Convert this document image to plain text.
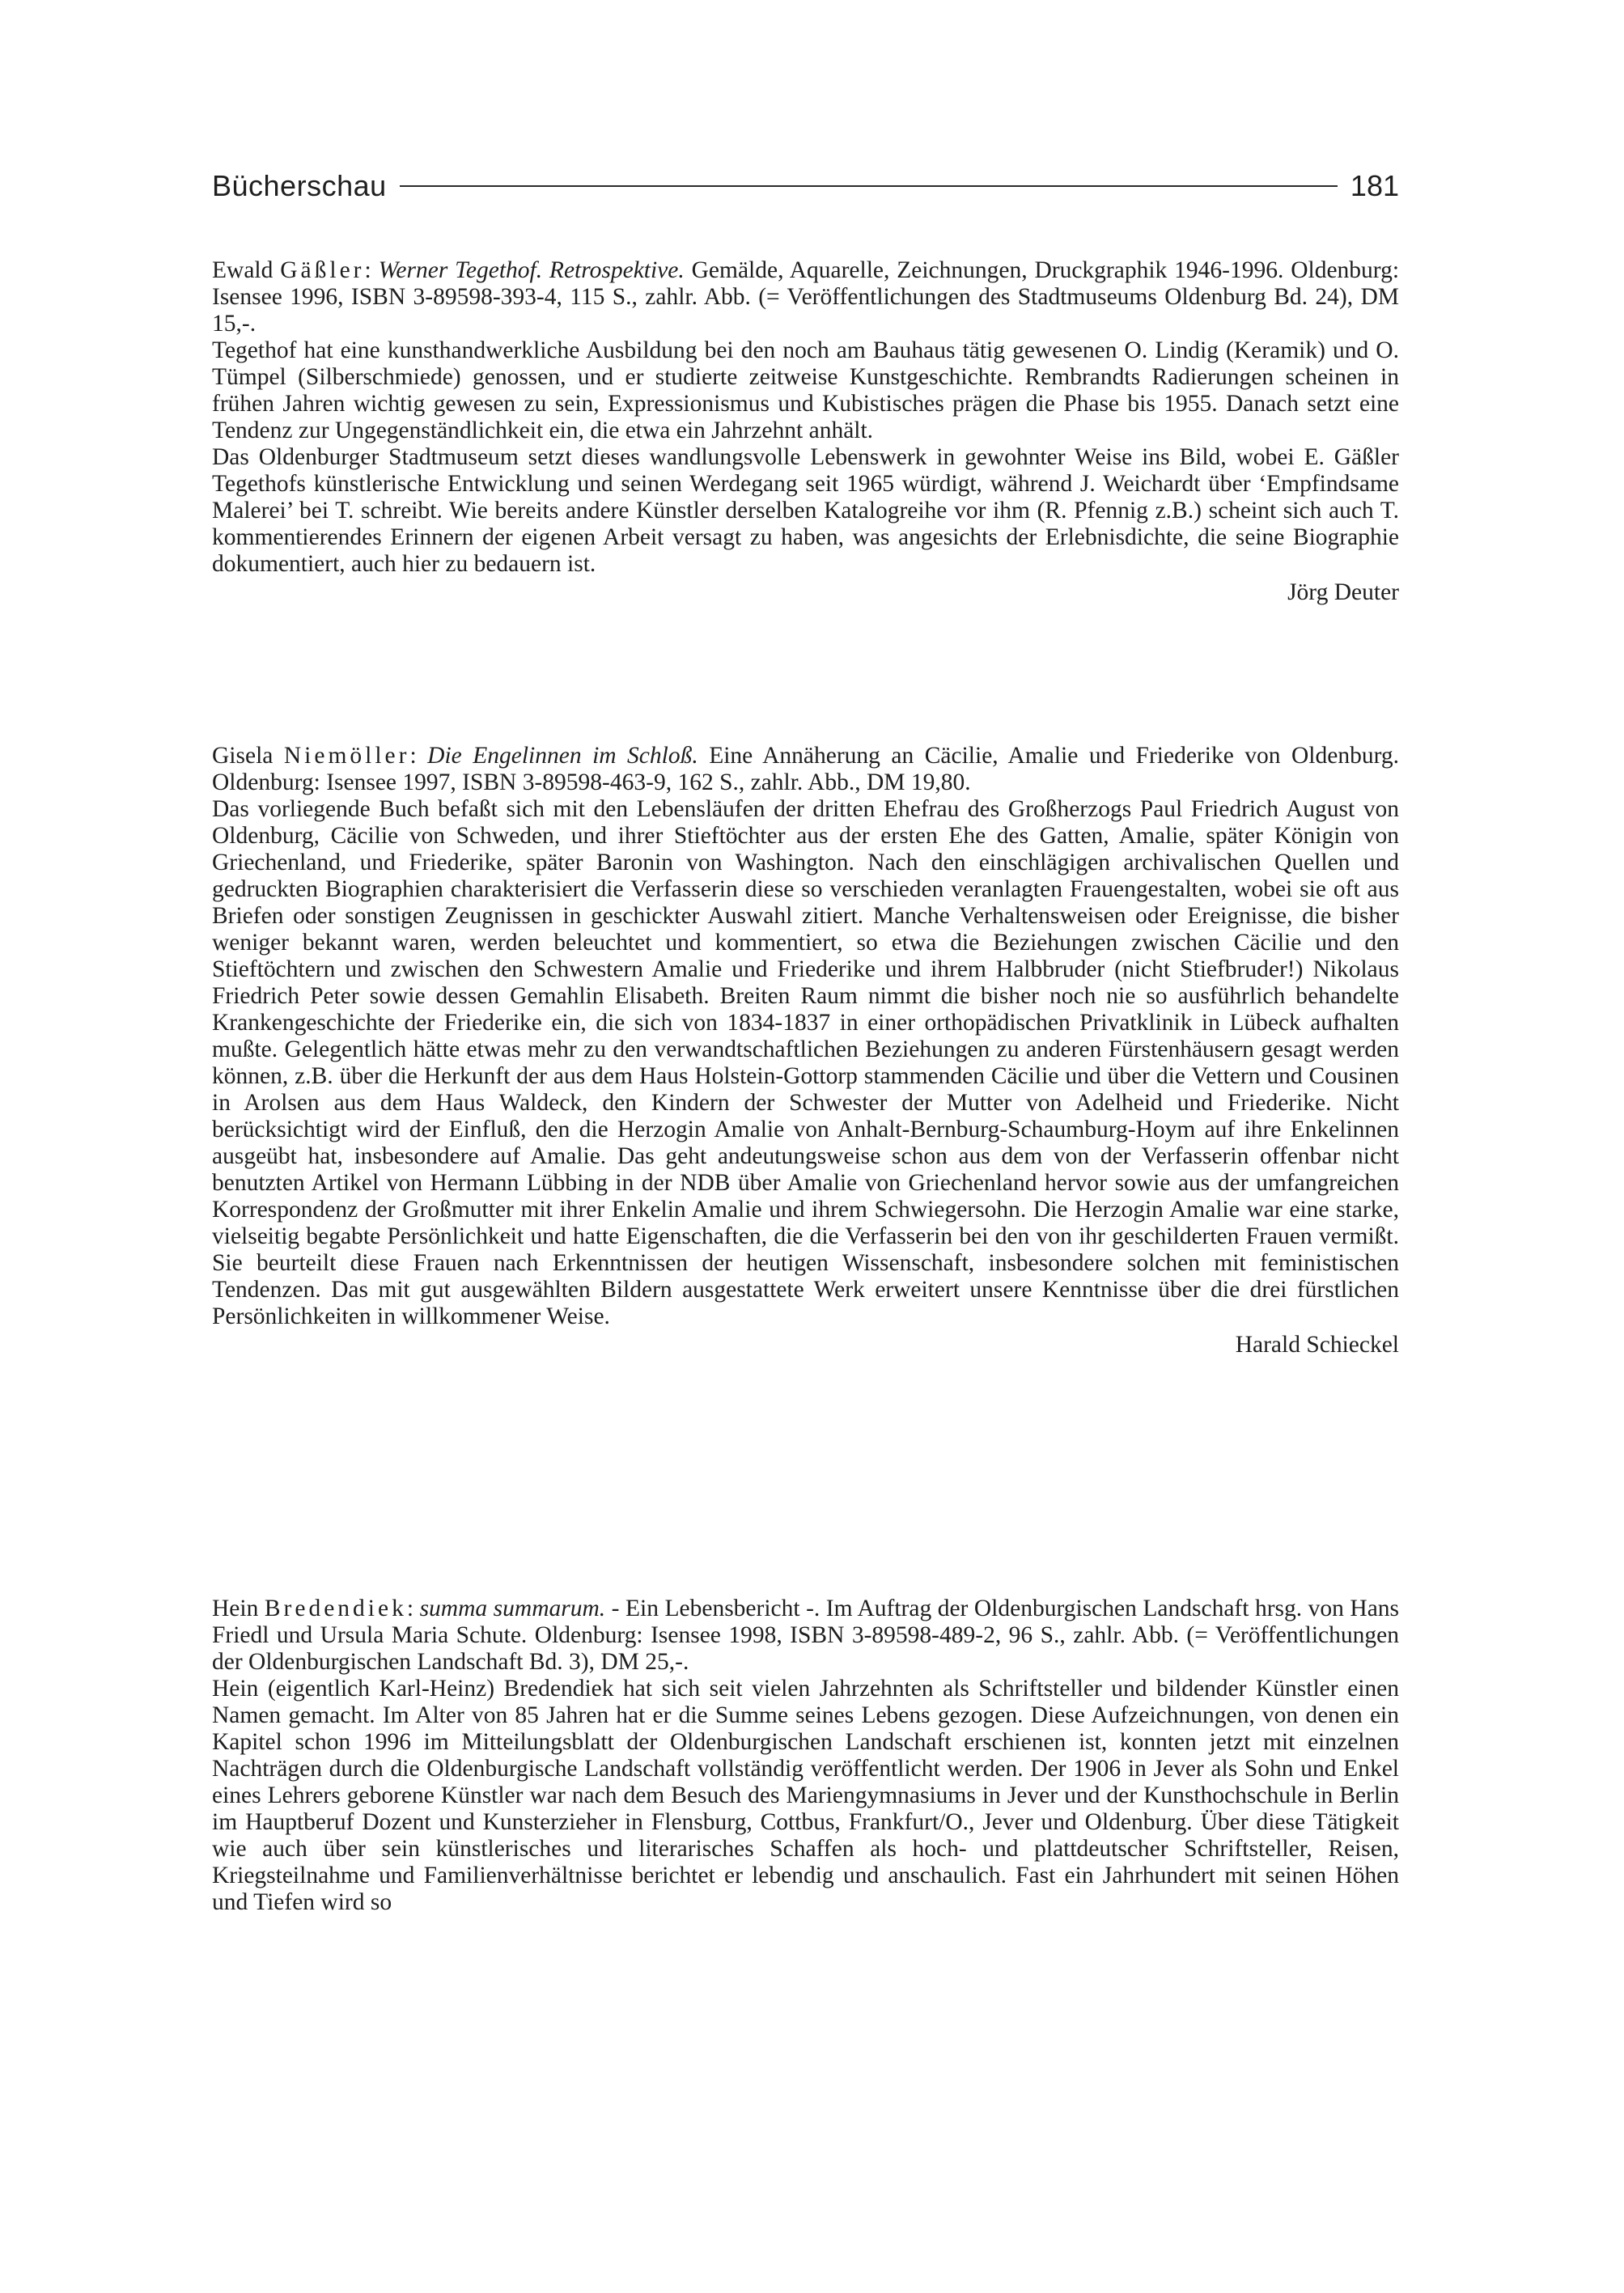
Bücherschau	181

Ewald Gäßler: Werner Tegethof. Retrospektive. Gemälde, Aquarelle, Zeichnungen, Druckgraphik 1946-1996. Oldenburg: Isensee 1996, ISBN 3-89598-393-4, 115 S., zahlr. Abb. (= Veröffentlichungen des Stadtmuseums Oldenburg Bd. 24), DM 15,-.

Tegethof hat eine kunsthandwerkliche Ausbildung bei den noch am Bauhaus tätig gewesenen O. Lindig (Keramik) und O. Tümpel (Silberschmiede) genossen, und er studierte zeitweise Kunstgeschichte. Rembrandts Radierungen scheinen in frühen Jahren wichtig gewesen zu sein, Expressionismus und Kubistisches prägen die Phase bis 1955. Danach setzt eine Tendenz zur Ungegenständlichkeit ein, die etwa ein Jahrzehnt anhält.

Das Oldenburger Stadtmuseum setzt dieses wandlungsvolle Lebenswerk in gewohnter Weise ins Bild, wobei E. Gäßler Tegethofs künstlerische Entwicklung und seinen Werdegang seit 1965 würdigt, während J. Weichardt über ‘Empfindsame Malerei’ bei T. schreibt. Wie bereits andere Künstler derselben Katalogreihe vor ihm (R. Pfennig z.B.) scheint sich auch T. kommentierendes Erinnern der eigenen Arbeit versagt zu haben, was angesichts der Erlebnisdichte, die seine Biographie dokumentiert, auch hier zu bedauern ist.

Jörg Deuter

Gisela Niemöller: Die Engelinnen im Schloß. Eine Annäherung an Cäcilie, Amalie und Friederike von Oldenburg. Oldenburg: Isensee 1997, ISBN 3-89598-463-9, 162 S., zahlr. Abb., DM 19,80.

Das vorliegende Buch befaßt sich mit den Lebensläufen der dritten Ehefrau des Großherzogs Paul Friedrich August von Oldenburg, Cäcilie von Schweden, und ihrer Stieftöchter aus der ersten Ehe des Gatten, Amalie, später Königin von Griechenland, und Friederike, später Baronin von Washington. Nach den einschlägigen archivalischen Quellen und gedruckten Biographien charakterisiert die Verfasserin diese so verschieden veranlagten Frauengestalten, wobei sie oft aus Briefen oder sonstigen Zeugnissen in geschickter Auswahl zitiert. Manche Verhaltensweisen oder Ereignisse, die bisher weniger bekannt waren, werden beleuchtet und kommentiert, so etwa die Beziehungen zwischen Cäcilie und den Stieftöchtern und zwischen den Schwestern Amalie und Friederike und ihrem Halbbruder (nicht Stiefbruder!) Nikolaus Friedrich Peter sowie dessen Gemahlin Elisabeth. Breiten Raum nimmt die bisher noch nie so ausführlich behandelte Krankengeschichte der Friederike ein, die sich von 1834-1837 in einer orthopädischen Privatklinik in Lübeck aufhalten mußte. Gelegentlich hätte etwas mehr zu den verwandtschaftlichen Beziehungen zu anderen Fürstenhäusern gesagt werden können, z.B. über die Herkunft der aus dem Haus Holstein-Gottorp stammenden Cäcilie und über die Vettern und Cousinen in Arolsen aus dem Haus Waldeck, den Kindern der Schwester der Mutter von Adelheid und Friederike. Nicht berücksichtigt wird der Einfluß, den die Herzogin Amalie von Anhalt-Bernburg-Schaumburg-Hoym auf ihre Enkelinnen ausgeübt hat, insbesondere auf Amalie. Das geht andeutungsweise schon aus dem von der Verfasserin offenbar nicht benutzten Artikel von Hermann Lübbing in der NDB über Amalie von Griechenland hervor sowie aus der umfangreichen Korrespondenz der Großmutter mit ihrer Enkelin Amalie und ihrem Schwiegersohn. Die Herzogin Amalie war eine starke, vielseitig begabte Persönlichkeit und hatte Eigenschaften, die die Verfasserin bei den von ihr geschilderten Frauen vermißt. Sie beurteilt diese Frauen nach Erkenntnissen der heutigen Wissenschaft, insbesondere solchen mit feministischen Tendenzen. Das mit gut ausgewählten Bildern ausgestattete Werk erweitert unsere Kenntnisse über die drei fürstlichen Persönlichkeiten in willkommener Weise.

Harald Schieckel

Hein Bredendiek: summa summarum. - Ein Lebensbericht -. Im Auftrag der Oldenburgischen Landschaft hrsg. von Hans Friedl und Ursula Maria Schute. Oldenburg: Isensee 1998, ISBN 3-89598-489-2, 96 S., zahlr. Abb. (= Veröffentlichungen der Oldenburgischen Landschaft Bd. 3), DM 25,-.

Hein (eigentlich Karl-Heinz) Bredendiek hat sich seit vielen Jahrzehnten als Schriftsteller und bildender Künstler einen Namen gemacht. Im Alter von 85 Jahren hat er die Summe seines Lebens gezogen. Diese Aufzeichnungen, von denen ein Kapitel schon 1996 im Mitteilungsblatt der Oldenburgischen Landschaft erschienen ist, konnten jetzt mit einzelnen Nachträgen durch die Oldenburgische Landschaft vollständig veröffentlicht werden. Der 1906 in Jever als Sohn und Enkel eines Lehrers geborene Künstler war nach dem Besuch des Mariengymnasiums in Jever und der Kunsthochschule in Berlin im Hauptberuf Dozent und Kunsterzieher in Flensburg, Cottbus, Frankfurt/O., Jever und Oldenburg. Über diese Tätigkeit wie auch über sein künstlerisches und literarisches Schaffen als hoch- und plattdeutscher Schriftsteller, Reisen, Kriegsteilnahme und Familienverhältnisse berichtet er lebendig und anschaulich. Fast ein Jahrhundert mit seinen Höhen und Tiefen wird so
